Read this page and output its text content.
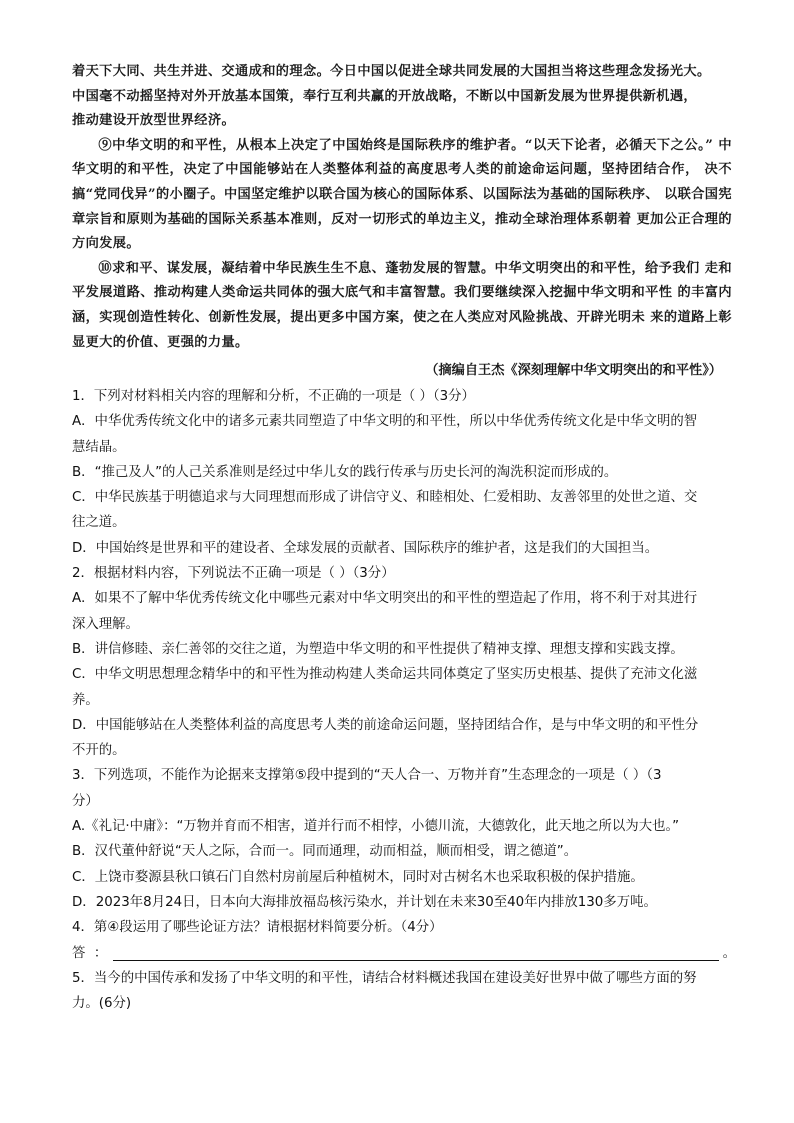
着天下大同、共生并进、交通成和的理念。今日中国以促进全球共同发展的大国担当将这些理念发扬光大。
中国毫不动摇坚持对外开放基本国策，奉行互利共赢的开放战略，不断以中国新发展为世界提供新机遇，
推动建设开放型世界经济。

⑨中华文明的和平性，从根本上决定了中国始终是国际秩序的维护者。“以天下论者，必循天下之公。” 中华文明的和平性，决定了中国能够站在人类整体利益的高度思考人类的前途命运问题，坚持团结合作， 决不搞“党同伐异”的小圈子。中国坚定维护以联合国为核心的国际体系、以国际法为基础的国际秩序、 以联合国宪章宗旨和原则为基础的国际关系基本准则，反对一切形式的单边主义，推动全球治理体系朝着 更加公正合理的方向发展。

⑩求和平、谋发展，凝结着中华民族生生不息、蓬勃发展的智慧。中华文明突出的和平性，给予我们 走和平发展道路、推动构建人类命运共同体的强大底气和丰富智慧。我们要继续深入挖掘中华文明和平性 的丰富内涵，实现创造性转化、创新性发展，提出更多中国方案，使之在人类应对风险挑战、开辟光明未 来的道路上彰显更大的价值、更强的力量。

（摘编自王杰《深刻理解中华文明突出的和平性》）

1．下列对材料相关内容的理解和分析，不正确的一项是（ ）（3分）

A．中华优秀传统文化中的诸多元素共同塑造了中华文明的和平性，所以中华优秀传统文化是中华文明的智
慧结晶。

B．“推己及人”的人己关系准则是经过中华儿女的践行传承与历史长河的淘洗积淀而形成的。

C．中华民族基于明德追求与大同理想而形成了讲信守义、和睦相处、仁爱相助、友善邻里的处世之道、交
往之道。

D．中国始终是世界和平的建设者、全球发展的贡献者、国际秩序的维护者，这是我们的大国担当。

2．根据材料内容，下列说法不正确一项是（ ）（3分）

A．如果不了解中华优秀传统文化中哪些元素对中华文明突出的和平性的塑造起了作用，将不利于对其进行
深入理解。

B．讲信修睦、亲仁善邻的交往之道，为塑造中华文明的和平性提供了精神支撑、理想支撑和实践支撑。

C．中华文明思想理念精华中的和平性为推动构建人类命运共同体奠定了坚实历史根基、提供了充沛文化滋
养。

D．中国能够站在人类整体利益的高度思考人类的前途命运问题，坚持团结合作，是与中华文明的和平性分
不开的。

3．下列选项，不能作为论据来支撑第⑤段中提到的“天人合一、万物并育”生态理念的一项是（ ）（3
分）

A.《礼记·中庸》：“万物并育而不相害，道并行而不相悖，小德川流，大德敦化，此天地之所以为大也。”

B．汉代董仲舒说“天人之际，合而一。同而通理，动而相益，顺而相受，谓之德道”。

C．上饶市婺源县秋口镇石门自然村房前屋后种植树木，同时对古树名木也采取积极的保护措施。

D．2023年8月24日，日本向大海排放福岛核污染水，并计划在未来30至40年内排放130多万吨。

4．第④段运用了哪些论证方法？请根据材料简要分析。（4分）

答  ：	。

5．当今的中国传承和发扬了中华文明的和平性，请结合材料概述我国在建设美好世界中做了哪些方面的努
力。(6分)
